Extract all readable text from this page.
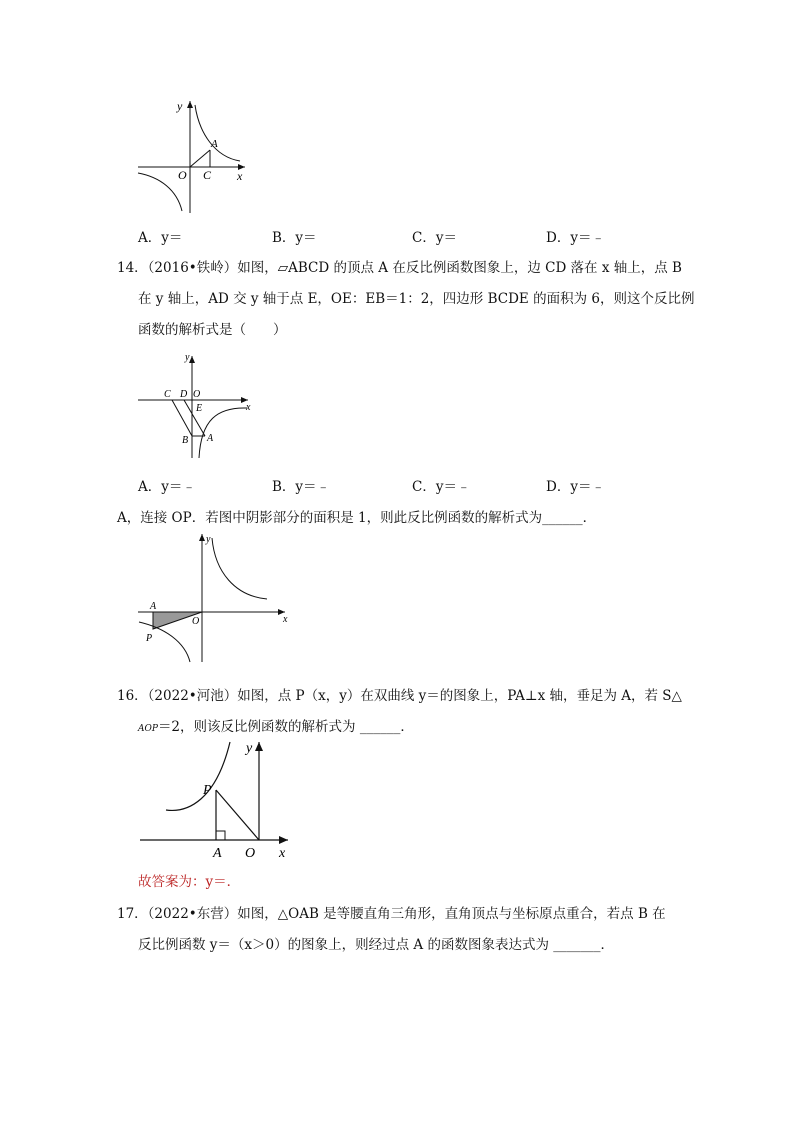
y
A
O C x
A．y＝	B．y＝	C．y＝	D．y＝﹣
14．（2016•铁岭）如图，▱ABCD 的顶点 A 在反比例函数图象上，边 CD 落在 x 轴上，点 B
在 y 轴上，AD 交 y 轴于点 E，OE：EB＝1：2，四边形 BCDE 的面积为 6，则这个反比例
函数的解析式是（　　）
y
C D O
E	x
B A
A．y＝﹣	B．y＝﹣	C．y＝﹣	D．y＝﹣
A，连接 OP．若图中阴影部分的面积是 1，则此反比例函数的解析式为______．
y
A
O	x
P
16．（2022•河池）如图，点 P（x，y）在双曲线 y＝的图象上，PA⊥x 轴，垂足为 A，若 S△
AOP＝2，则该反比例函数的解析式为 ______．
y
P
A O x
故答案为：y＝．
17．（2022•东营）如图，△OAB 是等腰直角三角形，直角顶点与坐标原点重合，若点 B 在
反比例函数 y＝（x＞0）的图象上，则经过点 A 的函数图象表达式为 _______．
